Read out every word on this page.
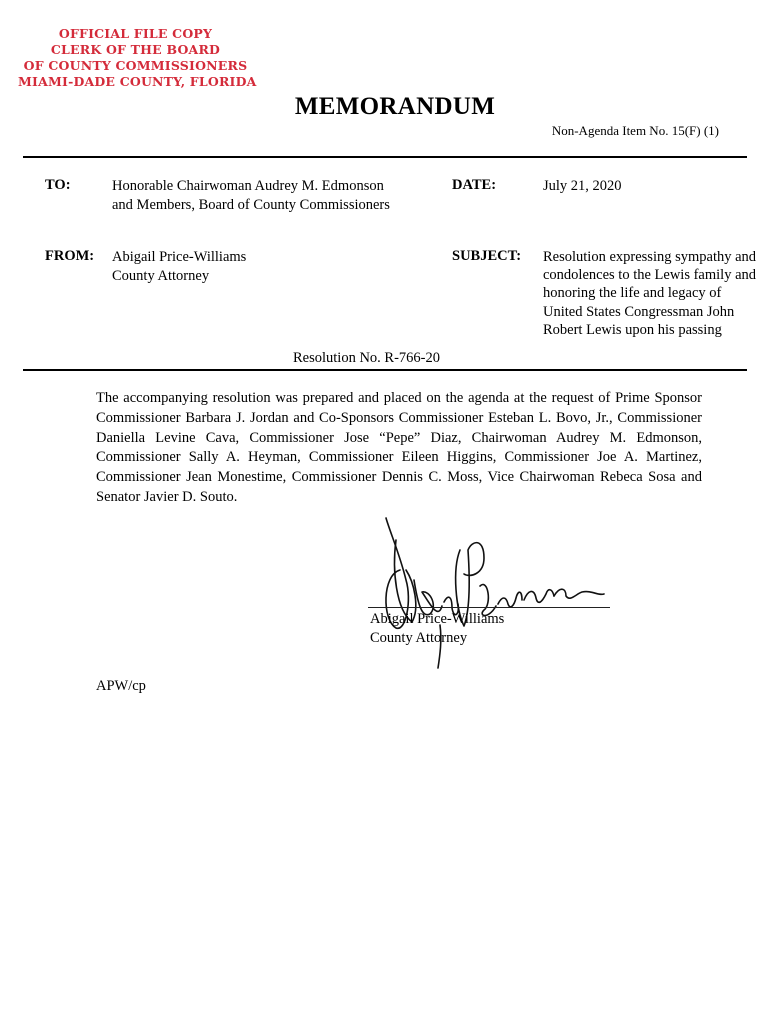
OFFICIAL FILE COPY
CLERK OF THE BOARD
OF COUNTY COMMISSIONERS
MIAMI-DADE COUNTY, FLORIDA
MEMORANDUM
Non-Agenda Item No. 15(F) (1)
TO:	Honorable Chairwoman Audrey M. Edmonson
and Members, Board of County Commissioners
DATE:	July 21, 2020
FROM: Abigail Price-Williams
County Attorney
SUBJECT: Resolution expressing sympathy and condolences to the Lewis family and honoring the life and legacy of United States Congressman John Robert Lewis upon his passing
Resolution No. R-766-20
The accompanying resolution was prepared and placed on the agenda at the request of Prime Sponsor Commissioner Barbara J. Jordan and Co-Sponsors Commissioner Esteban L. Bovo, Jr., Commissioner Daniella Levine Cava, Commissioner Jose “Pepe” Diaz, Chairwoman Audrey M. Edmonson, Commissioner Sally A. Heyman, Commissioner Eileen Higgins, Commissioner Joe A. Martinez, Commissioner Jean Monestime, Commissioner Dennis C. Moss, Vice Chairwoman Rebeca Sosa and Senator Javier D. Souto.
Abigail Price-Williams
County Attorney
APW/cp
